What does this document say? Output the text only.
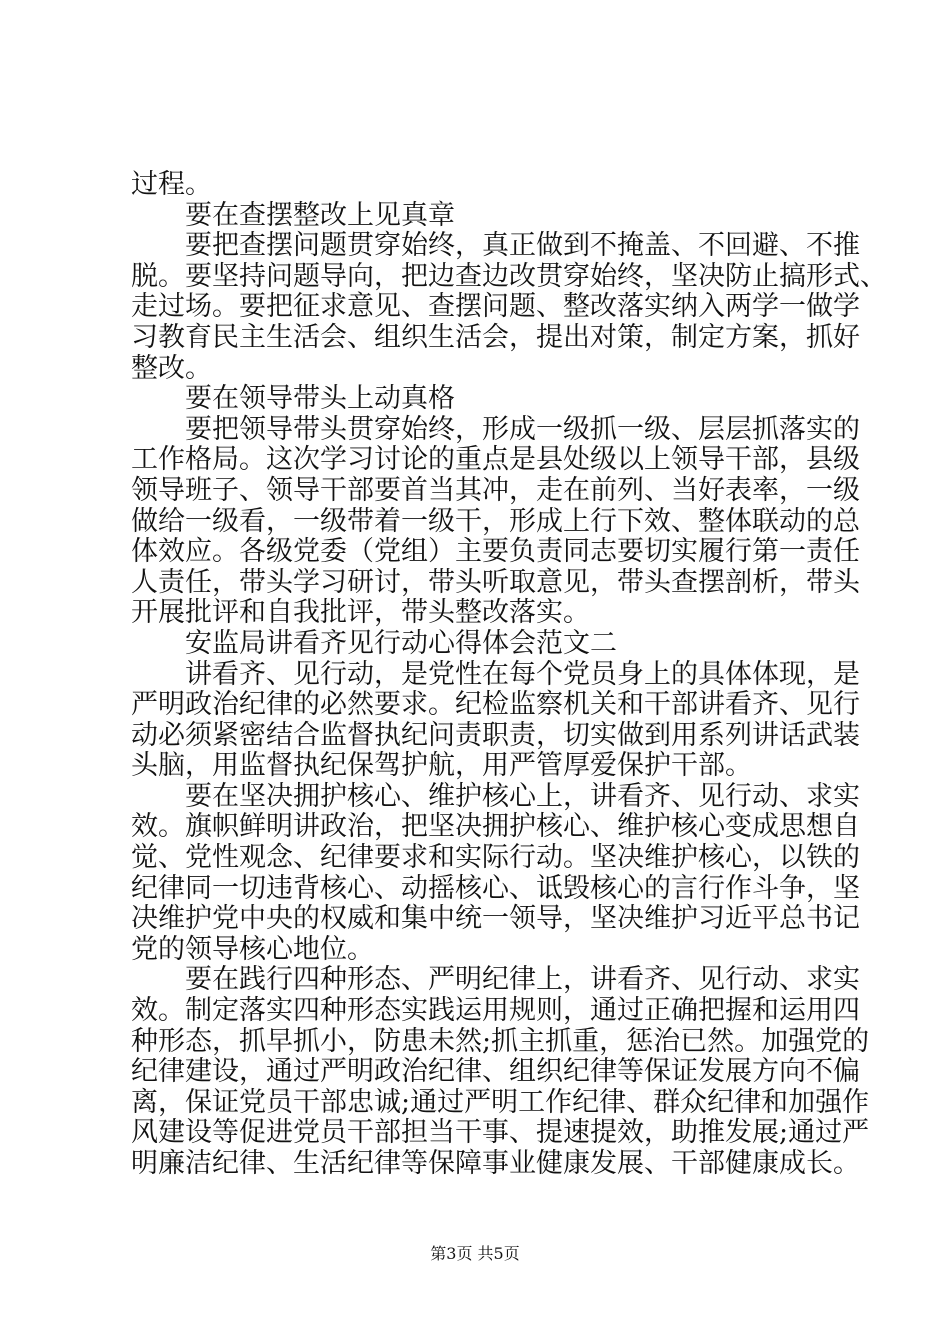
过程。
要在查摆整改上见真章
要把查摆问题贯穿始终，真正做到不掩盖、不回避、不推
脱。要坚持问题导向，把边查边改贯穿始终，坚决防止搞形式、
走过场。要把征求意见、查摆问题、整改落实纳入两学一做学
习教育民主生活会、组织生活会，提出对策，制定方案，抓好
整改。
要在领导带头上动真格
要把领导带头贯穿始终，形成一级抓一级、层层抓落实的
工作格局。这次学习讨论的重点是县处级以上领导干部，县级
领导班子、领导干部要首当其冲，走在前列、当好表率，一级
做给一级看，一级带着一级干，形成上行下效、整体联动的总
体效应。各级党委（党组）主要负责同志要切实履行第一责任
人责任，带头学习研讨，带头听取意见，带头查摆剖析，带头
开展批评和自我批评，带头整改落实。
安监局讲看齐见行动心得体会范文二
讲看齐、见行动，是党性在每个党员身上的具体体现，是
严明政治纪律的必然要求。纪检监察机关和干部讲看齐、见行
动必须紧密结合监督执纪问责职责，切实做到用系列讲话武装
头脑，用监督执纪保驾护航，用严管厚爱保护干部。
要在坚决拥护核心、维护核心上，讲看齐、见行动、求实
效。旗帜鲜明讲政治，把坚决拥护核心、维护核心变成思想自
觉、党性观念、纪律要求和实际行动。坚决维护核心，以铁的
纪律同一切违背核心、动摇核心、诋毁核心的言行作斗争，坚
决维护党中央的权威和集中统一领导，坚决维护习近平总书记
党的领导核心地位。
要在践行四种形态、严明纪律上，讲看齐、见行动、求实
效。制定落实四种形态实践运用规则，通过正确把握和运用四
种形态，抓早抓小，防患未然;抓主抓重，惩治已然。加强党的
纪律建设，通过严明政治纪律、组织纪律等保证发展方向不偏
离，保证党员干部忠诚;通过严明工作纪律、群众纪律和加强作
风建设等促进党员干部担当干事、提速提效，助推发展;通过严
明廉洁纪律、生活纪律等保障事业健康发展、干部健康成长。
第3页 共5页
